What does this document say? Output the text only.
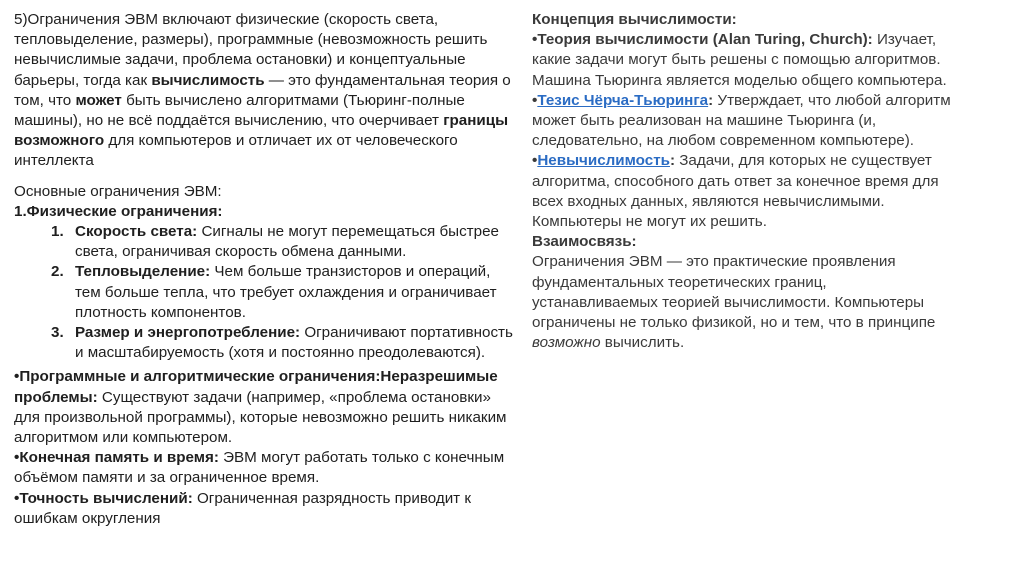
5)Ограничения ЭВМ включают физические (скорость света, тепловыделение, размеры), программные (невозможность решить невычислимые задачи, проблема остановки) и концептуальные барьеры, тогда как вычислимость — это фундаментальная теория о том, что может быть вычислено алгоритмами (Тьюринг-полные машины), но не всё поддаётся вычислению, что очерчивает границы возможного для компьютеров и отличает их от человеческого интеллекта

Основные ограничения ЭВМ:

1.Физические ограничения:

1. Скорость света: Сигналы не могут перемещаться быстрее света, ограничивая скорость обмена данными.
2. Тепловыделение: Чем больше транзисторов и операций, тем больше тепла, что требует охлаждения и ограничивает плотность компонентов.
3. Размер и энергопотребление: Ограничивают портативность и масштабируемость (хотя и постоянно преодолеваются).

•Программные и алгоритмические ограничения:Неразрешимые проблемы: Существуют задачи (например, «проблема остановки» для произвольной программы), которые невозможно решить никаким алгоритмом или компьютером.

•Конечная память и время: ЭВМ могут работать только с конечным объёмом памяти и за ограниченное время.

•Точность вычислений: Ограниченная разрядность приводит к ошибкам округления

Концепция вычислимости:

•Теория вычислимости (Alan Turing, Church): Изучает, какие задачи могут быть решены с помощью алгоритмов. Машина Тьюринга является моделью общего компьютера.

•Тезис Чёрча-Тьюринга: Утверждает, что любой алгоритм может быть реализован на машине Тьюринга (и, следовательно, на любом современном компьютере).

•Невычислимость: Задачи, для которых не существует алгоритма, способного дать ответ за конечное время для всех входных данных, являются невычислимыми. Компьютеры не могут их решить.

Взаимосвязь:

Ограничения ЭВМ — это практические проявления фундаментальных теоретических границ, устанавливаемых теорией вычислимости. Компьютеры ограничены не только физикой, но и тем, что в принципе возможно вычислить.
